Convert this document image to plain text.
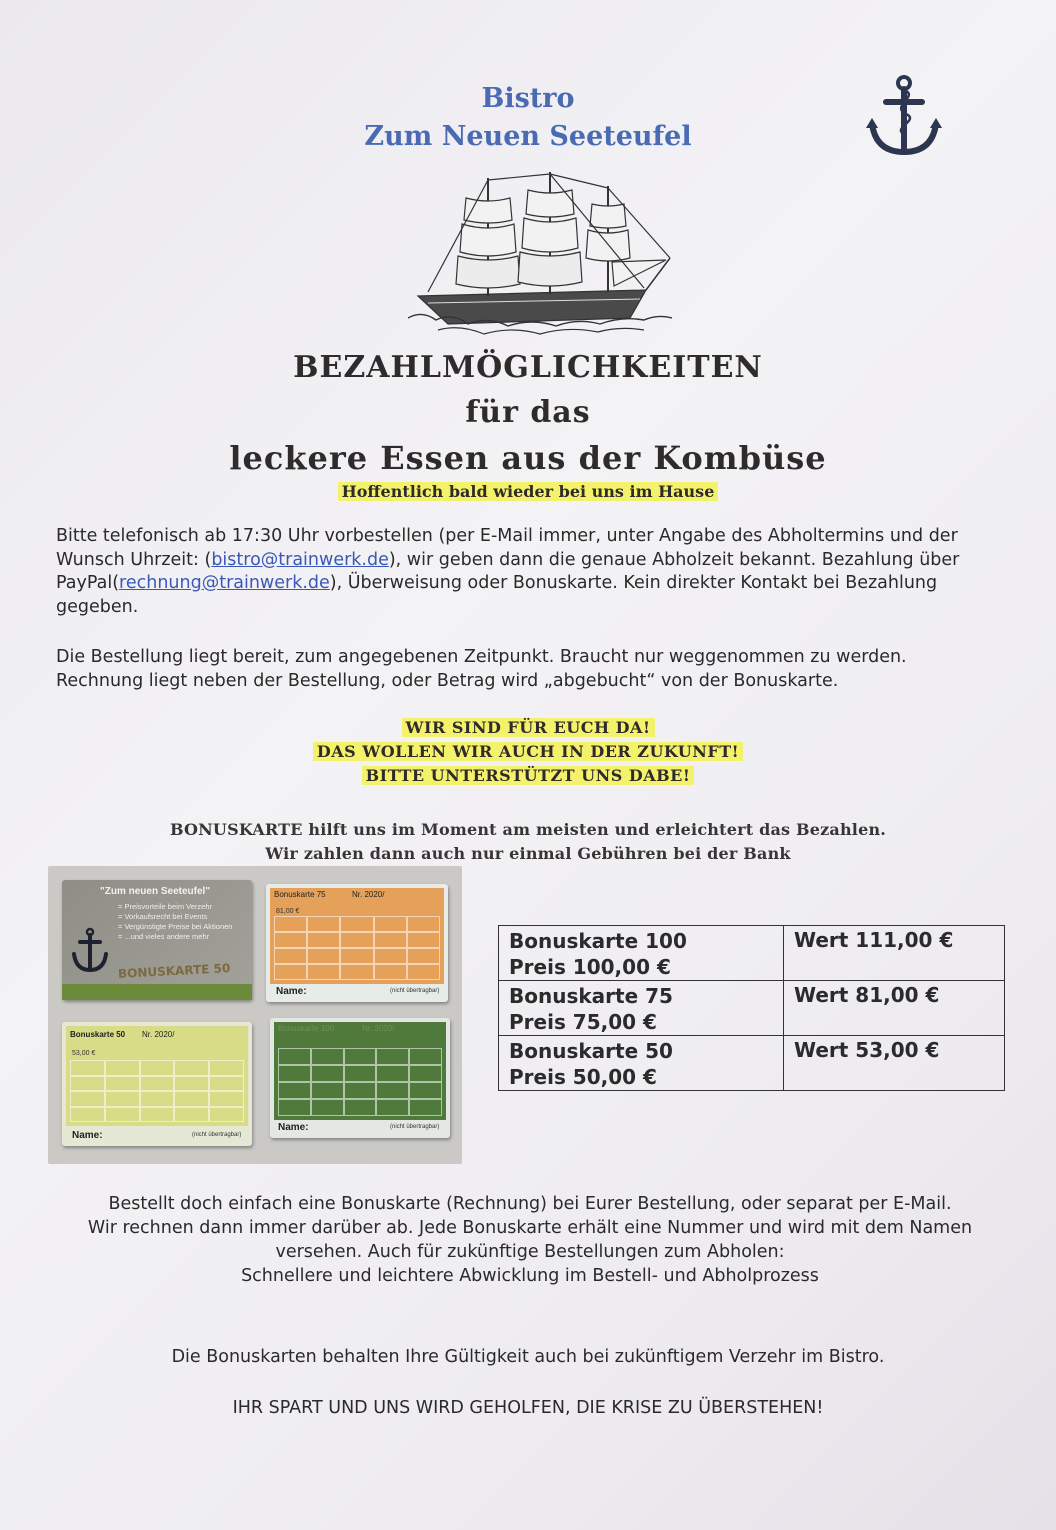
Bistro
Zum Neuen Seeteufel
BEZAHLMÖGLICHKEITEN
für das
leckere Essen aus der Kombüse
Hoffentlich bald wieder bei uns im Hause
Bitte telefonisch ab 17:30 Uhr vorbestellen (per E-Mail immer, unter Angabe des Abholtermins und der Wunsch Uhrzeit: (bistro@trainwerk.de), wir geben dann die genaue Abholzeit bekannt. Bezahlung über PayPal(rechnung@trainwerk.de), Überweisung oder Bonuskarte. Kein direkter Kontakt bei Bezahlung gegeben.
Die Bestellung liegt bereit, zum angegebenen Zeitpunkt. Braucht nur weggenommen zu werden. Rechnung liegt neben der Bestellung, oder Betrag wird „abgebucht“ von der Bonuskarte.
WIR SIND FÜR EUCH DA!
DAS WOLLEN WIR AUCH IN DER ZUKUNFT!
BITTE UNTERSTÜTZT UNS DABE!
BONUSKARTE hilft uns im Moment am meisten und erleichtert das Bezahlen.
Wir zahlen dann auch nur einmal Gebühren bei der Bank
"Zum neuen Seeteufel"
= Preisvorteile beim Verzehr
= Vorkaufsrecht bei Events
= Vergünstigte Preise bei Aktionen
= ...und vieles andere mehr
BONUSKARTE 50
Bonuskarte 75	Nr. 2020/
81,00 €
Name:	(nicht übertragbar)
Bonuskarte 50 Nr. 2020/
53,00 €
Name:	(nicht übertragbar)
Bonuskarte 100	Nr. 2020/
Name:	(nicht übertragbar)
Bonuskarte 100
Preis 100,00 €	Wert 111,00 €

Bonuskarte 75
Preis 75,00 €	Wert 81,00 €

Bonuskarte 50
Preis 50,00 €	Wert 53,00 €
Bestellt doch einfach eine Bonuskarte (Rechnung) bei Eurer Bestellung, oder separat per E-Mail.
Wir rechnen dann immer darüber ab. Jede Bonuskarte erhält eine Nummer und wird mit dem Namen versehen. Auch für zukünftige Bestellungen zum Abholen:
Schnellere und leichtere Abwicklung im Bestell- und Abholprozess
Die Bonuskarten behalten Ihre Gültigkeit auch bei zukünftigem Verzehr im Bistro.
IHR SPART UND UNS WIRD GEHOLFEN, DIE KRISE ZU ÜBERSTEHEN!
